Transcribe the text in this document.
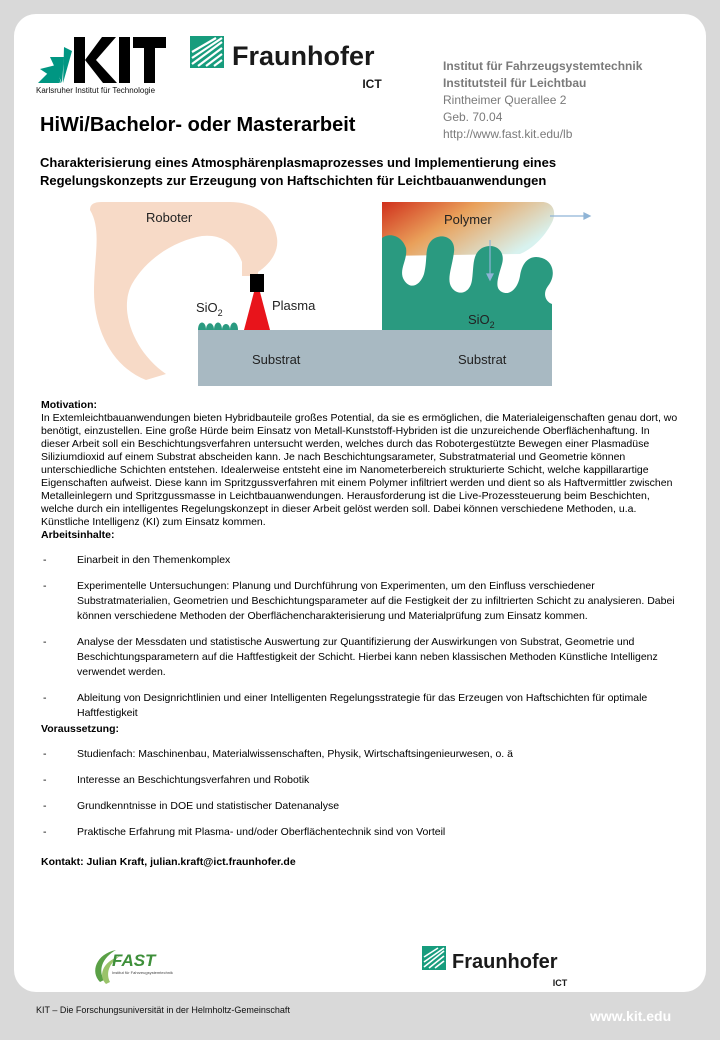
Karlsruher Institut für Technologie
Fraunhofer
ICT
Institut für Fahrzeugsystemtechnik
Institutsteil für Leichtbau
Rintheimer Querallee 2
Geb. 70.04
http://www.fast.kit.edu/lb
HiWi/Bachelor- oder Masterarbeit
Charakterisierung eines Atmosphärenplasmaprozesses und Implementierung eines Regelungskonzepts zur Erzeugung von Haftschichten für Leichtbauanwendungen
Roboter
SiO$_2$	Plasma
Substrat
Polymer
SiO$_2$
Substrat
Motivation:
In Extemleichtbauanwendungen bieten Hybridbauteile großes Potential, da sie es ermöglichen, die Materialeigenschaften genau dort, wo benötigt, einzustellen. Eine große Hürde beim Einsatz von Metall-Kunststoff-Hybriden ist die unzureichende Oberflächenhaftung. In dieser Arbeit soll ein Beschichtungsverfahren untersucht werden, welches durch das Robotergestützte Bewegen einer Plasmadüse Siliziumdioxid auf einem Substrat abscheiden kann. Je nach Beschichtungsarameter, Substratmaterial und Geometrie können unterschiedliche Schichten entstehen. Idealerweise entsteht eine im Nanometerbereich strukturierte Schicht, welche kappillarartige Eigenschaften aufweist. Diese kann im Spritzgussverfahren mit einem Polymer infiltriert werden und dient so als Haftvermittler zwischen Metalleinlegern und Spritzgussmasse in Leichtbauanwendungen. Herausforderung ist die Live-Prozessteuerung beim Beschichten, welche durch ein intelligentes Regelungskonzept in dieser Arbeit gelöst werden soll. Dabei können verschiedene Methoden, u.a. Künstliche Intelligenz (KI) zum Einsatz kommen.
Arbeitsinhalte:
- Einarbeit in den Themenkomplex
- Experimentelle Untersuchungen: Planung und Durchführung von Experimenten, um den Einfluss verschiedener Substratmaterialien, Geometrien und Beschichtungsparameter auf die Festigkeit der zu infiltrierten Schicht zu analysieren. Dabei können verschiedene Methoden der Oberflächencharakterisierung und Materialprüfung zum Einsatz kommen.
- Analyse der Messdaten und statistische Auswertung zur Quantifizierung der Auswirkungen von Substrat, Geometrie und Beschichtungsparametern auf die Haftfestigkeit der Schicht. Hierbei kann neben klassischen Methoden Künstliche Intelligenz verwendet werden.
- Ableitung von Designrichtlinien und einer Intelligenten Regelungsstrategie für das Erzeugen von Haftschichten für optimale Haftfestigkeit
Voraussetzung:
- Studienfach: Maschinenbau, Materialwissenschaften, Physik, Wirtschaftsingenieurwesen, o. ä
- Interesse an Beschichtungsverfahren und Robotik
- Grundkenntnisse in DOE und statistischer Datenanalyse
- Praktische Erfahrung mit Plasma- und/oder Oberflächentechnik sind von Vorteil
Kontakt: Julian Kraft, julian.kraft@ict.fraunhofer.de
FAST
Institut für Fahrzeugsystemtechnik	Fraunhofer
ICT
KIT – Die Forschungsuniversität in der Helmholtz-Gemeinschaft	www.kit.edu
